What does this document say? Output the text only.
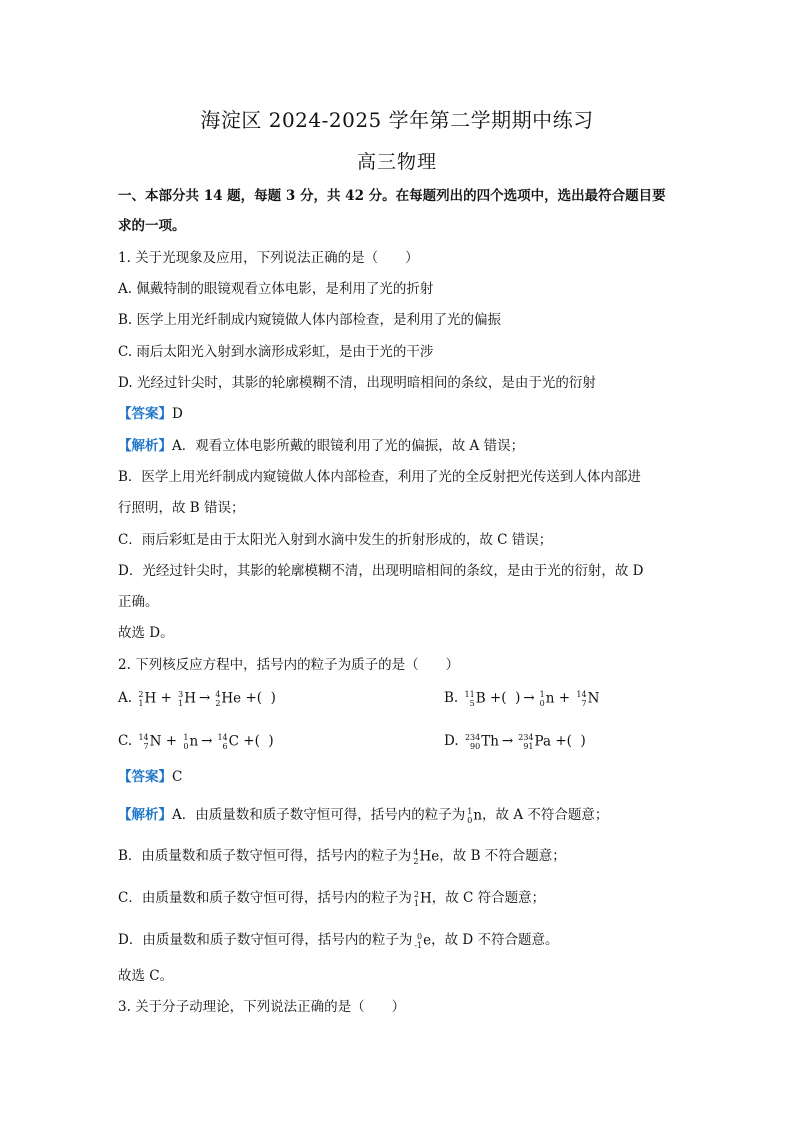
海淀区 2024-2025 学年第二学期期中练习
高三物理
一、本部分共 14 题，每题 3 分，共 42 分。在每题列出的四个选项中，选出最符合题目要
求的一项。
1. 关于光现象及应用，下列说法正确的是（　　）
A. 佩戴特制的眼镜观看立体电影，是利用了光的折射
B. 医学上用光纤制成内窥镜做人体内部检查，是利用了光的偏振
C. 雨后太阳光入射到水滴形成彩虹，是由于光的干涉
D. 光经过针尖时，其影的轮廓模糊不清，出现明暗相间的条纹，是由于光的衍射
【答案】D
【解析】A．观看立体电影所戴的眼镜利用了光的偏振，故 A 错误；
B．医学上用光纤制成内窥镜做人体内部检查，利用了光的全反射把光传送到人体内部进
行照明，故 B 错误；
C．雨后彩虹是由于太阳光入射到水滴中发生的折射形成的，故 C 错误；
D．光经过针尖时，其影的轮廓模糊不清，出现明暗相间的条纹，是由于光的衍射，故 D
正确。
故选 D。
2. 下列核反应方程中，括号内的粒子为质子的是（　　）
A. 2
1 H + 3
1 H → 4
2 He +(  )	B. 11
5 B +(  ) → 1
0 n + 14
7 N
C. 14
7 N + 1
0 n → 14
6 C +(  )	D. 234
90 Th → 234
91 Pa +(  )
【答案】C
【解析】A．由质量数和质子数守恒可得，括号内的粒子为 1
0 n，故 A 不符合题意；
B．由质量数和质子数守恒可得，括号内的粒子为 4
2 He，故 B 不符合题意；
C．由质量数和质子数守恒可得，括号内的粒子为 2
1 H，故 C 符合题意；
D．由质量数和质子数守恒可得，括号内的粒子为 0
-1 e，故 D 不符合题意。
故选 C。
3. 关于分子动理论，下列说法正确的是（　　）
